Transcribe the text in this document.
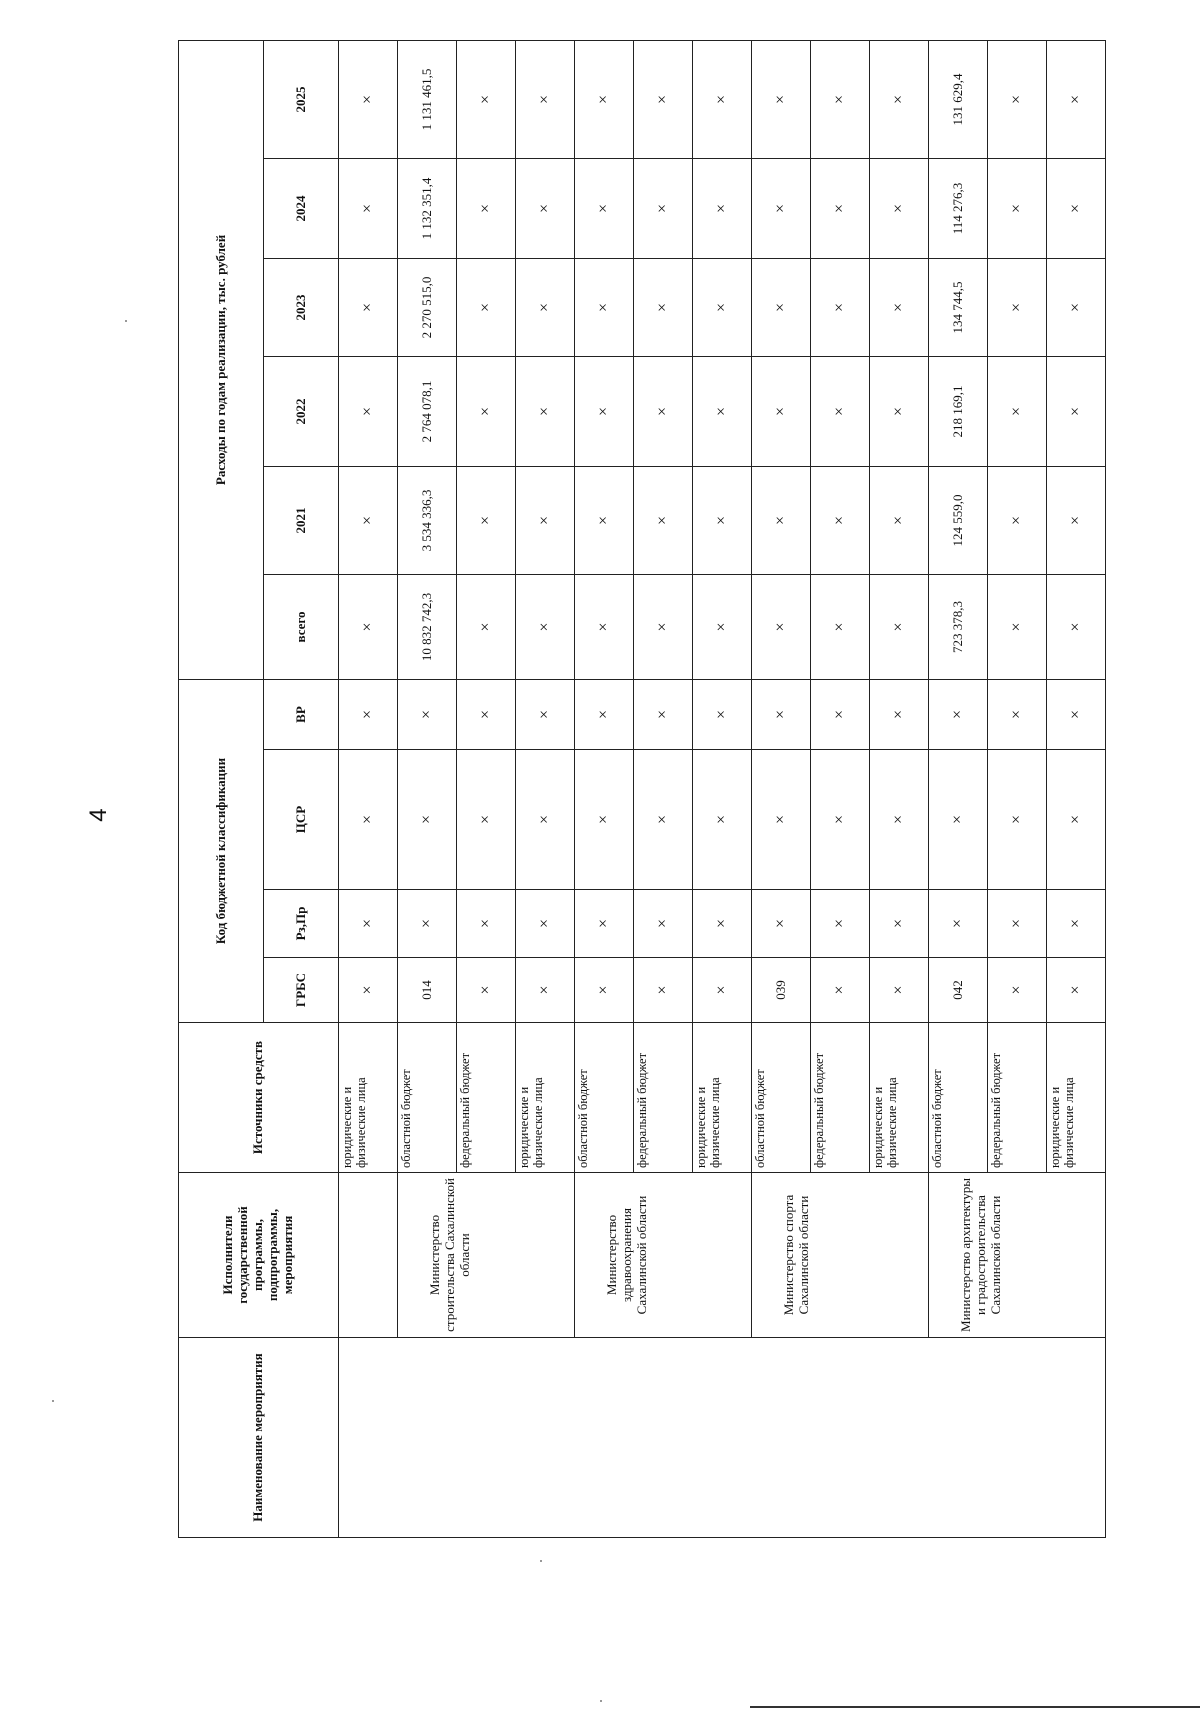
4
Наименование мероприятия	Исполнители государственной программы, подпрограммы, мероприятия	Источники средств	Код бюджетной классификации				Расходы по годам реализации, тыс. рублей					
			ГРБС	Рз,Пр	ЦСР	ВР	всего	2021	2022	2023	2024	2025
		юридические и физические лица	×	×	×	×	×	×	×	×	×	×
	Министерство строительства Сахалинской области	областной бюджет	014	×	×	×	10 832 742,3	3 534 336,3	2 764 078,1	2 270 515,0	1 132 351,4	1 131 461,5
		федеральный бюджет	×	×	×	×	×	×	×	×	×	×
		юридические и физические лица	×	×	×	×	×	×	×	×	×	×
	Министерство здравоохранения Сахалинской области	областной бюджет	×	×	×	×	×	×	×	×	×	×
		федеральный бюджет	×	×	×	×	×	×	×	×	×	×
		юридические и физические лица	×	×	×	×	×	×	×	×	×	×
	Министерство спорта Сахалинской области	областной бюджет	039	×	×	×	×	×	×	×	×	×
		федеральный бюджет	×	×	×	×	×	×	×	×	×	×
		юридические и физические лица	×	×	×	×	×	×	×	×	×	×
	Министерство архитектуры и градостроительства Сахалинской области	областной бюджет	042	×	×	×	723 378,3	124 559,0	218 169,1	134 744,5	114 276,3	131 629,4
		федеральный бюджет	×	×	×	×	×	×	×	×	×	×
		юридические и физические лица	×	×	×	×	×	×	×	×	×	×
